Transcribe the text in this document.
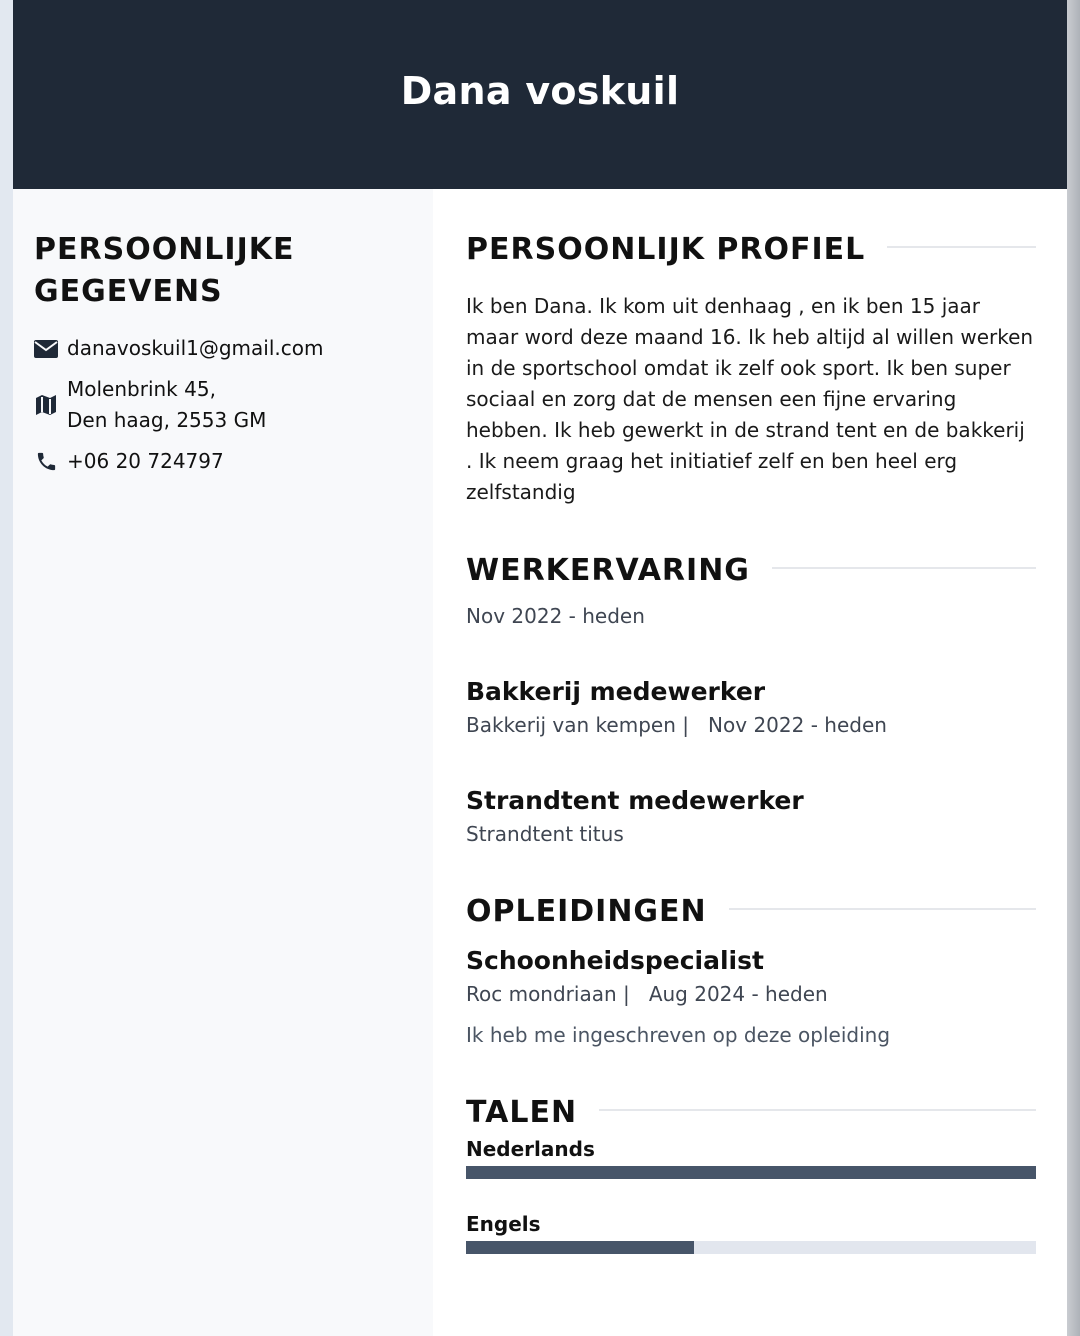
Dana voskuil
PERSOONLIJKE GEGEVENS
danavoskuil1@gmail.com
Molenbrink 45,
Den haag, 2553 GM
+06 20 724797
PERSOONLIJK PROFIEL

Ik ben Dana. Ik kom uit denhaag , en ik ben 15 jaar maar word deze maand 16. Ik heb altijd al willen werken in de sportschool omdat ik zelf ook sport. Ik ben super sociaal en zorg dat de mensen een fijne ervaring hebben. Ik heb gewerkt in de strand tent en de bakkerij . Ik neem graag het initiatief zelf en ben heel erg zelfstandig

WERKERVARING

Nov 2022 - heden

Bakkerij medewerker

Bakkerij van kempen |   Nov 2022 - heden

Strandtent medewerker

Strandtent titus

OPLEIDINGEN

Schoonheidspecialist

Roc mondriaan |   Aug 2024 - heden

Ik heb me ingeschreven op deze opleiding

TALEN

Nederlands

Engels
